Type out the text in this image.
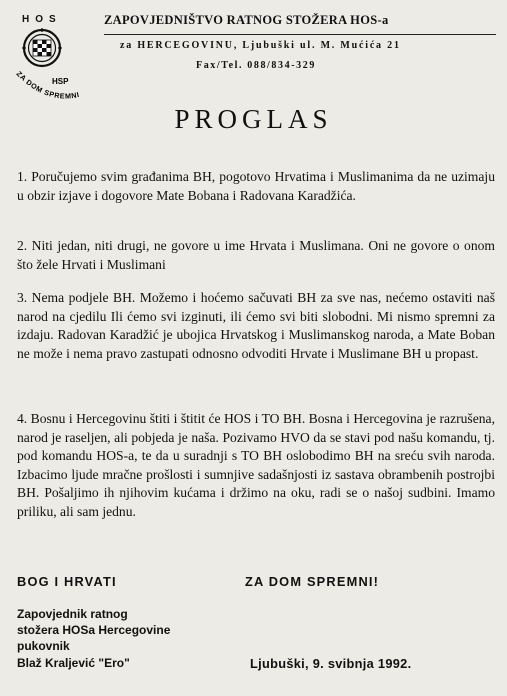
HOS
HSP
ZA DOM SPREMNI
ZAPOVJEDNIŠTVO RATNOG STOŽERA HOS-a
za HERCEGOVINU, Ljubuški ul. M. Mućića 21
Fax/Tel. 088/834-329
PROGLAS

1. Poručujemo svim građanima BH, pogotovo Hrvatima i Muslimanima da ne uzimaju u obzir izjave i dogovore Mate Bobana i Radovana Karadžića.

2. Niti jedan, niti drugi, ne govore u ime Hrvata i Muslimana. Oni ne govore o onom što žele Hrvati i Muslimani

3. Nema podjele BH. Možemo i hoćemo sačuvati BH za sve nas, nećemo ostaviti naš narod na cjedilu Ili ćemo svi izginuti, ili ćemo svi biti slobodni. Mi nismo spremni za izdaju. Radovan Karadžić je ubojica Hrvatskog i Muslimanskog naroda, a Mate Boban ne može i nema pravo zastupati odnosno odvoditi Hrvate i Muslimane BH u propast.

4. Bosnu i Hercegovinu štiti i štitit će HOS i TO BH. Bosna i Hercegovina je razrušena, narod je raseljen, ali pobjeda je naša. Pozivamo HVO da se stavi pod našu komandu, tj. pod komandu HOS-a, te da u suradnji s TO BH oslobodimo BH na sreću svih naroda. Izbacimo ljude mračne prošlosti i sumnjive sadašnjosti iz sastava obrambenih postrojbi BH. Pošaljimo ih njihovim kućama i držimo na oku, radi se o našoj sudbini. Imamo priliku, ali sam jednu.

BOG I HRVATI	ZA DOM SPREMNI!
Zapovjednik ratnog
stožera HOSa Hercegovine
pukovnik
Blaž Kraljević "Ero"	Ljubuški, 9. svibnja 1992.
